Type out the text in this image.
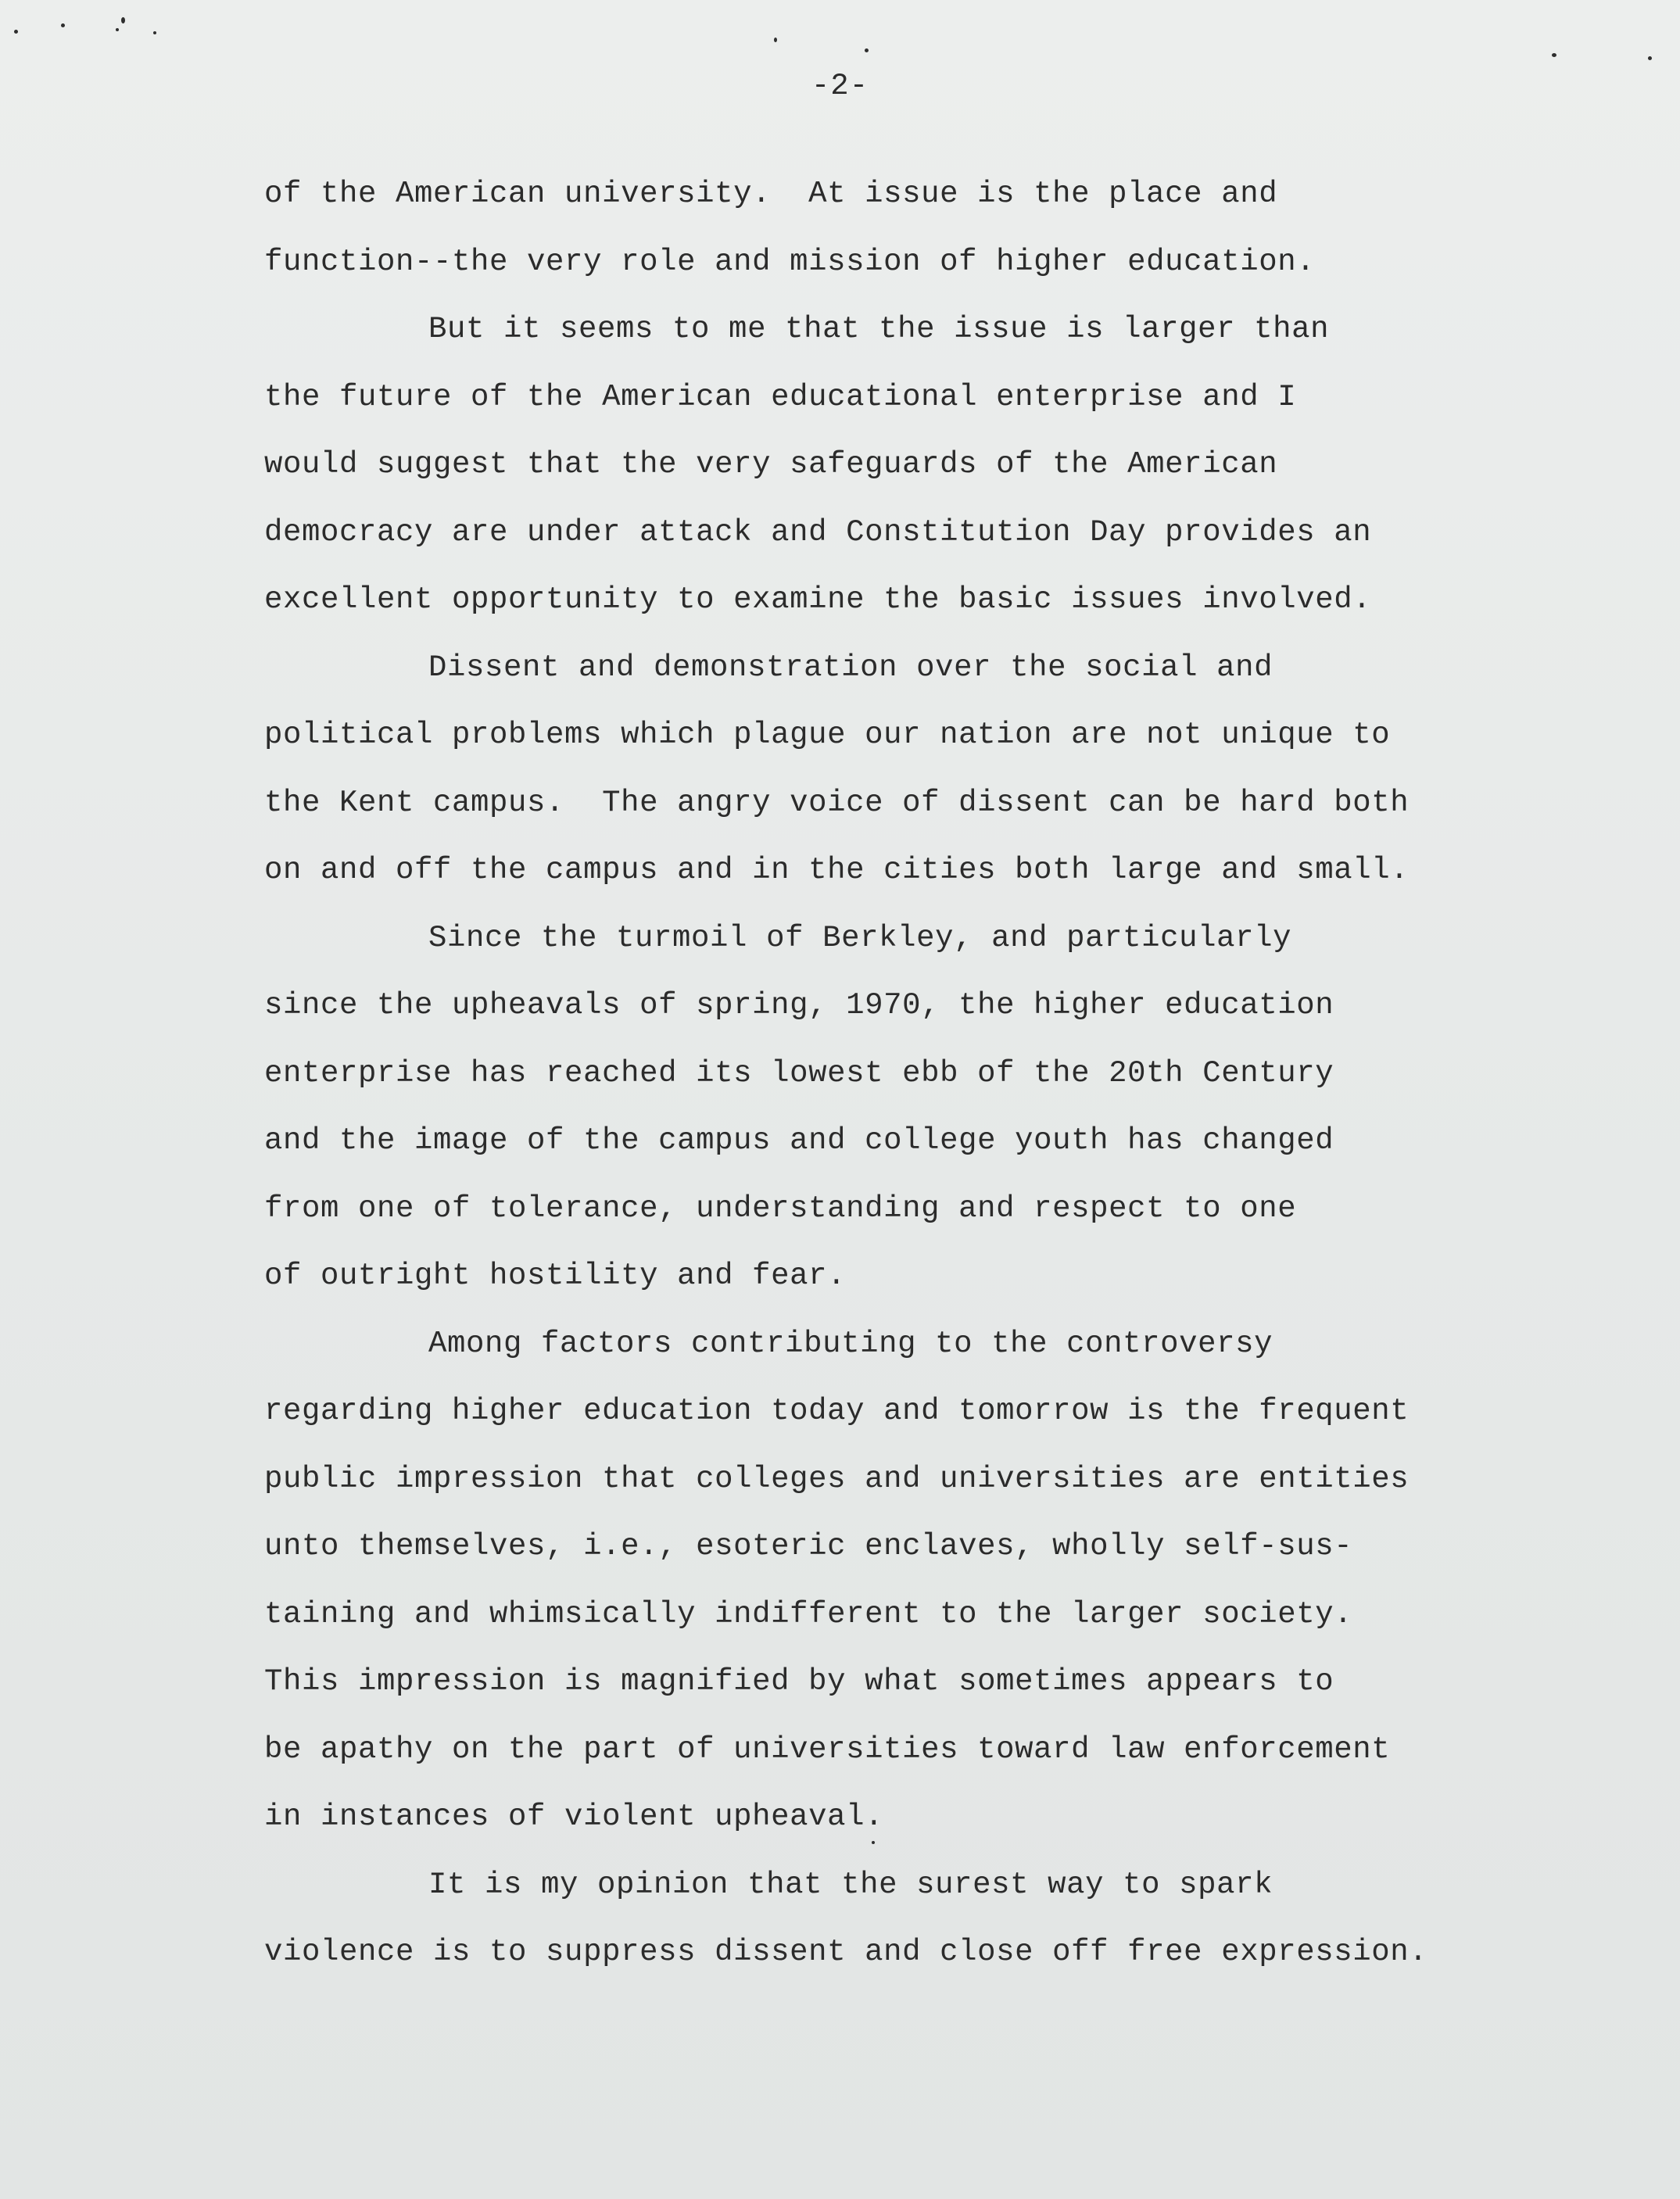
-2-
of the American university.  At issue is the place and
function--the very role and mission of higher education.
But it seems to me that the issue is larger than
the future of the American educational enterprise and I
would suggest that the very safeguards of the American
democracy are under attack and Constitution Day provides an
excellent opportunity to examine the basic issues involved.
Dissent and demonstration over the social and
political problems which plague our nation are not unique to
the Kent campus.  The angry voice of dissent can be hard both
on and off the campus and in the cities both large and small.
Since the turmoil of Berkley, and particularly
since the upheavals of spring, 1970, the higher education
enterprise has reached its lowest ebb of the 20th Century
and the image of the campus and college youth has changed
from one of tolerance, understanding and respect to one
of outright hostility and fear.
Among factors contributing to the controversy
regarding higher education today and tomorrow is the frequent
public impression that colleges and universities are entities
unto themselves, i.e., esoteric enclaves, wholly self-sus-
taining and whimsically indifferent to the larger society.
This impression is magnified by what sometimes appears to
be apathy on the part of universities toward law enforcement
in instances of violent upheaval.
It is my opinion that the surest way to spark
violence is to suppress dissent and close off free expression.
